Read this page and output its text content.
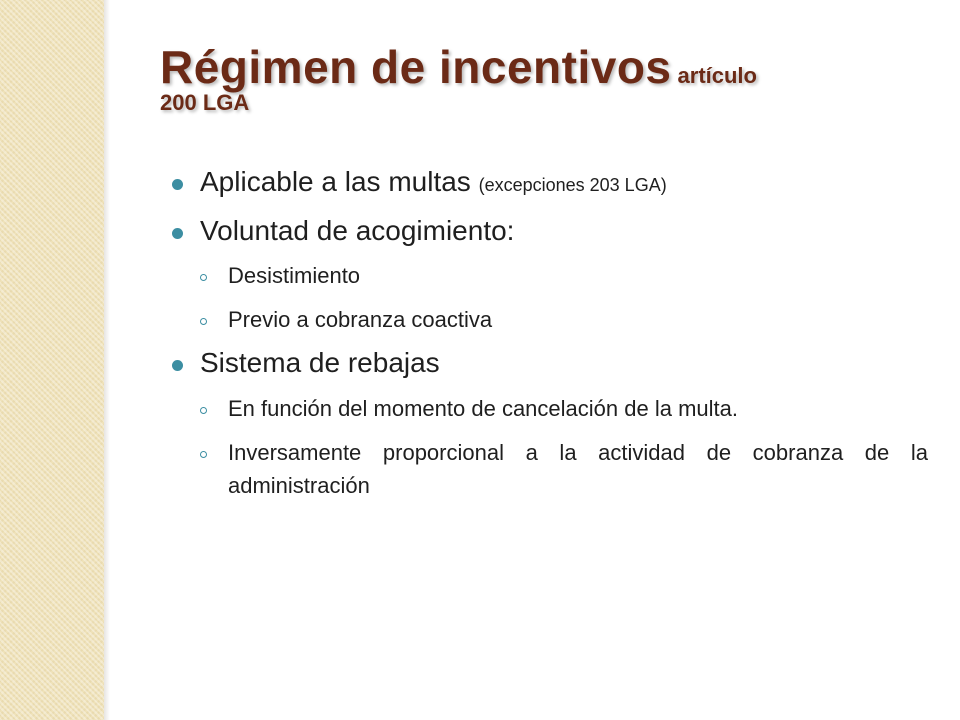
Régimen de incentivos artículo
200 LGA
Aplicable a las multas (excepciones 203 LGA)
Voluntad de acogimiento:
Desistimiento
Previo a cobranza coactiva
Sistema de rebajas
En función del momento de cancelación de la multa.
Inversamente proporcional a la actividad de cobranza de la administración
